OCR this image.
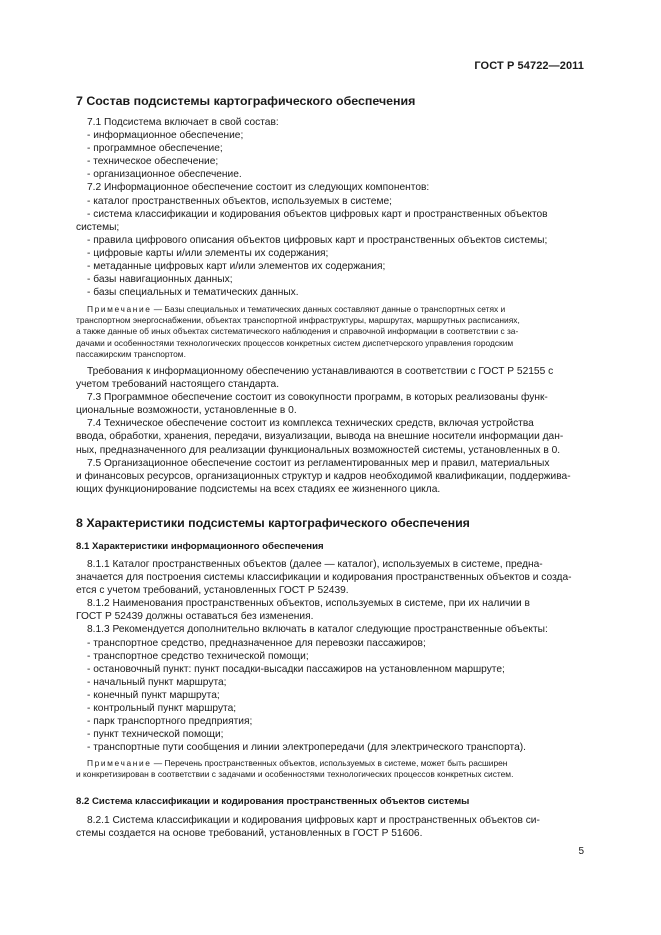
ГОСТ Р 54722—2011
7 Состав подсистемы картографического обеспечения
7.1 Подсистема включает в свой состав:
- информационное обеспечение;
- программное обеспечение;
- техническое обеспечение;
- организационное обеспечение.
7.2 Информационное обеспечение состоит из следующих компонентов:
- каталог пространственных объектов, используемых в системе;
- система классификации и кодирования объектов цифровых карт и пространственных объектов
системы;
- правила цифрового описания объектов цифровых карт и пространственных объектов системы;
- цифровые карты и/или элементы их содержания;
- метаданные цифровых карт и/или элементов их содержания;
- базы навигационных данных;
- базы специальных и тематических данных.
Примечание — Базы специальных и тематических данных составляют данные о транспортных сетях и
транспортном энергоснабжении, объектах транспортной инфраструктуры, маршрутах, маршрутных расписаниях,
а также данные об иных объектах систематического наблюдения и справочной информации в соответствии с за-
дачами и особенностями технологических процессов конкретных систем диспетчерского управления городским
пассажирским транспортом.
Требования к информационному обеспечению устанавливаются в соответствии с ГОСТ Р 52155 с
учетом требований настоящего стандарта.
7.3 Программное обеспечение состоит из совокупности программ, в которых реализованы функ-
циональные возможности, установленные в 0.
7.4 Техническое обеспечение состоит из комплекса технических средств, включая устройства
ввода, обработки, хранения, передачи, визуализации, вывода на внешние носители информации дан-
ных, предназначенного для реализации функциональных возможностей системы, установленных в 0.
7.5 Организационное обеспечение состоит из регламентированных мер и правил, материальных
и финансовых ресурсов, организационных структур и кадров необходимой квалификации, поддержива-
ющих функционирование подсистемы на всех стадиях ее жизненного цикла.
8 Характеристики подсистемы картографического обеспечения
8.1 Характеристики информационного обеспечения
8.1.1 Каталог пространственных объектов (далее — каталог), используемых в системе, предна-
значается для построения системы классификации и кодирования пространственных объектов и созда-
ется с учетом требований, установленных ГОСТ Р 52439.
8.1.2 Наименования пространственных объектов, используемых в системе, при их наличии в
ГОСТ Р 52439 должны оставаться без изменения.
8.1.3 Рекомендуется дополнительно включать в каталог следующие пространственные объекты:
- транспортное средство, предназначенное для перевозки пассажиров;
- транспортное средство технической помощи;
- остановочный пункт: пункт посадки-высадки пассажиров на установленном маршруте;
- начальный пункт маршрута;
- конечный пункт маршрута;
- контрольный пункт маршрута;
- парк транспортного предприятия;
- пункт технической помощи;
- транспортные пути сообщения и линии электропередачи (для электрического транспорта).
Примечание — Перечень пространственных объектов, используемых в системе, может быть расширен
и конкретизирован в соответствии с задачами и особенностями технологических процессов конкретных систем.
8.2 Система классификации и кодирования пространственных объектов системы
8.2.1 Система классификации и кодирования цифровых карт и пространственных объектов си-
стемы создается на основе требований, установленных в ГОСТ Р 51606.
5
